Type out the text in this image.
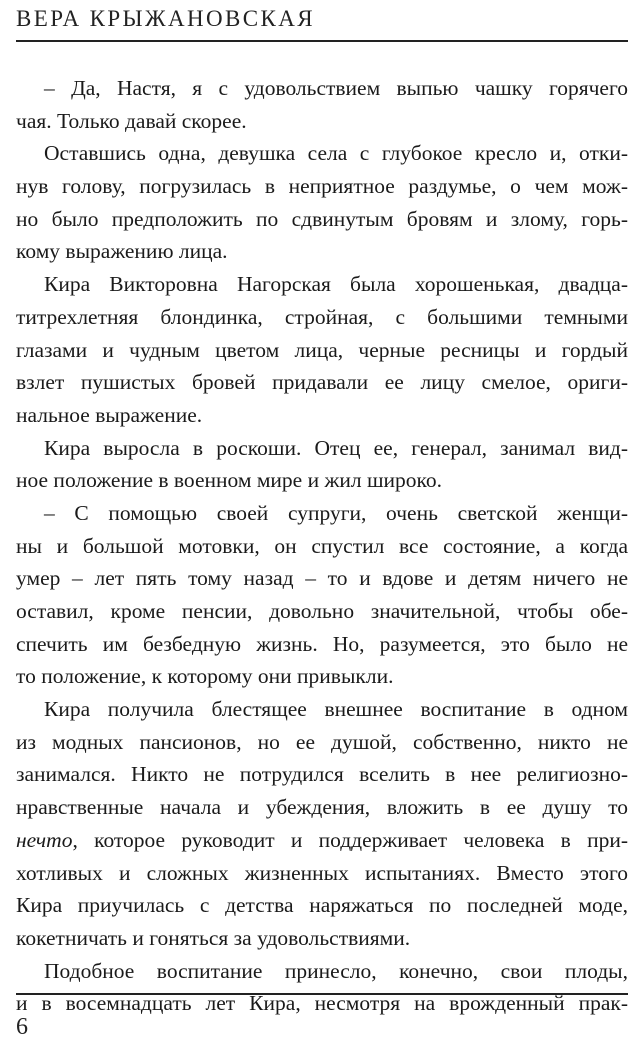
ВЕРА КРЫЖАНОВСКАЯ
– Да, Настя, я с удовольствием выпью чашку горячего
чая. Только давай скорее.
Оставшись одна, девушка села с глубокое кресло и, отки-
нув голову, погрузилась в неприятное раздумье, о чем мож-
но было предположить по сдвинутым бровям и злому, горь-
кому выражению лица.
Кира Викторовна Нагорская была хорошенькая, двадца-
титрехлетняя блондинка, стройная, с большими темными
глазами и чудным цветом лица, черные ресницы и гордый
взлет пушистых бровей придавали ее лицу смелое, ориги-
нальное выражение.
Кира выросла в роскоши. Отец ее, генерал, занимал вид-
ное положение в военном мире и жил широко.
– С помощью своей супруги, очень светской женщи-
ны и большой мотовки, он спустил все состояние, а когда
умер – лет пять тому назад – то и вдове и детям ничего не
оставил, кроме пенсии, довольно значительной, чтобы обе-
спечить им безбедную жизнь. Но, разумеется, это было не
то положение, к которому они привыкли.
Кира получила блестящее внешнее воспитание в одном
из модных пансионов, но ее душой, собственно, никто не
занимался. Никто не потрудился вселить в нее религиозно-
нравственные начала и убеждения, вложить в ее душу то
нечто, которое руководит и поддерживает человека в при-
хотливых и сложных жизненных испытаниях. Вместо этого
Кира приучилась с детства наряжаться по последней моде,
кокетничать и гоняться за удовольствиями.
Подобное воспитание принесло, конечно, свои плоды,
и в восемнадцать лет Кира, несмотря на врожденный прак-
6
